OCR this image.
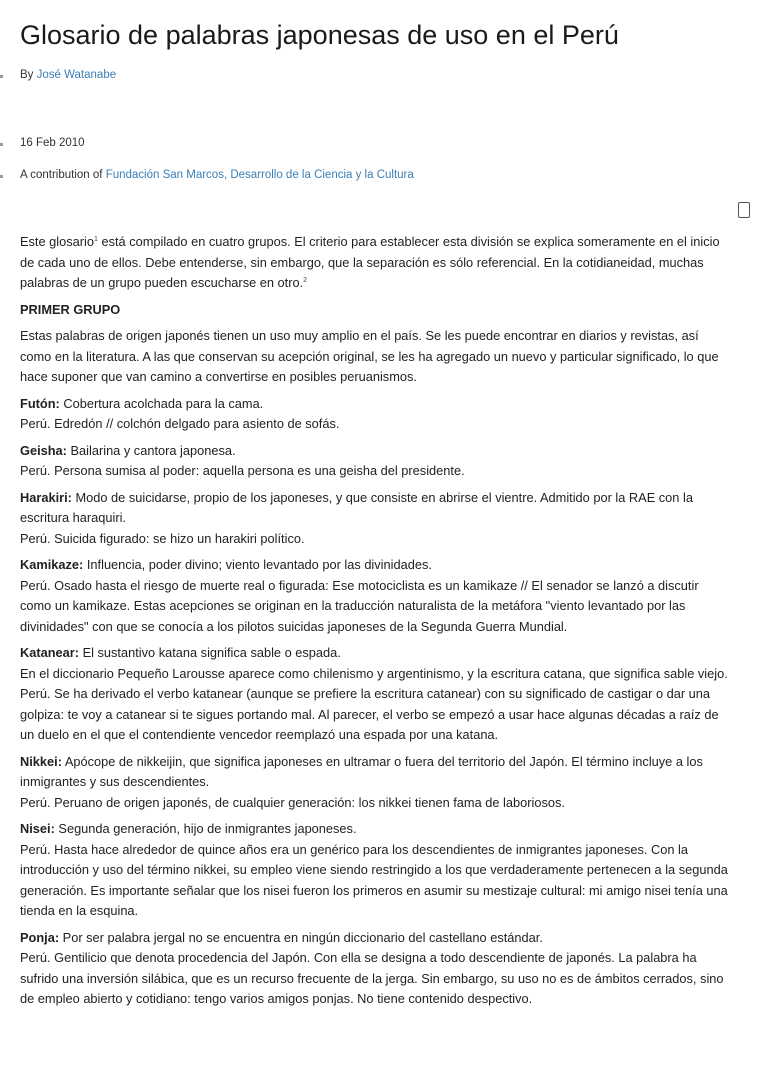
Glosario de palabras japonesas de uso en el Perú
By José Watanabe
16 Feb 2010
A contribution of Fundación San Marcos, Desarrollo de la Ciencia y la Cultura

Este glosario$^1$ está compilado en cuatro grupos. El criterio para establecer esta división se explica someramente en el inicio de cada uno de ellos. Debe entenderse, sin embargo, que la separación es sólo referencial. En la cotidianeidad, muchas palabras de un grupo pueden escucharse en otro.$^2$

PRIMER GRUPO

Estas palabras de origen japonés tienen un uso muy amplio en el país. Se les puede encontrar en diarios y revistas, así como en la literatura. A las que conservan su acepción original, se les ha agregado un nuevo y particular significado, lo que hace suponer que van camino a convertirse en posibles peruanismos.

Futón: Cobertura acolchada para la cama.
Perú. Edredón // colchón delgado para asiento de sofás.

Geisha: Bailarina y cantora japonesa.
Perú. Persona sumisa al poder: aquella persona es una geisha del presidente.

Harakiri: Modo de suicidarse, propio de los japoneses, y que consiste en abrirse el vientre. Admitido por la RAE con la escritura haraquiri.
Perú. Suicida figurado: se hizo un harakiri político.

Kamikaze: Influencia, poder divino; viento levantado por las divinidades.
Perú. Osado hasta el riesgo de muerte real o figurada: Ese motociclista es un kamikaze // El senador se lanzó a discutir como un kamikaze. Estas acepciones se originan en la traducción naturalista de la metáfora "viento levantado por las divinidades" con que se conocía a los pilotos suicidas japoneses de la Segunda Guerra Mundial.

Katanear: El sustantivo katana significa sable o espada.
En el diccionario Pequeño Larousse aparece como chilenismo y argentinismo, y la escritura catana, que significa sable viejo.
Perú. Se ha derivado el verbo katanear (aunque se prefiere la escritura catanear) con su significado de castigar o dar una golpiza: te voy a catanear si te sigues portando mal. Al parecer, el verbo se empezó a usar hace algunas décadas a raíz de un duelo en el que el contendiente vencedor reemplazó una espada por una katana.

Nikkei: Apócope de nikkeijin, que significa japoneses en ultramar o fuera del territorio del Japón. El término incluye a los inmigrantes y sus descendientes.
Perú. Peruano de origen japonés, de cualquier generación: los nikkei tienen fama de laboriosos.

Nisei: Segunda generación, hijo de inmigrantes japoneses.
Perú. Hasta hace alrededor de quince años era un genérico para los descendientes de inmigrantes japoneses. Con la introducción y uso del término nikkei, su empleo viene siendo restringido a los que verdaderamente pertenecen a la segunda generación. Es importante señalar que los nisei fueron los primeros en asumir su mestizaje cultural: mi amigo nisei tenía una tienda en la esquina.

Ponja: Por ser palabra jergal no se encuentra en ningún diccionario del castellano estándar.
Perú. Gentilicio que denota procedencia del Japón. Con ella se designa a todo descendiente de japonés. La palabra ha sufrido una inversión silábica, que es un recurso frecuente de la jerga. Sin embargo, su uso no es de ámbitos cerrados, sino de empleo abierto y cotidiano: tengo varios amigos ponjas. No tiene contenido despectivo.
